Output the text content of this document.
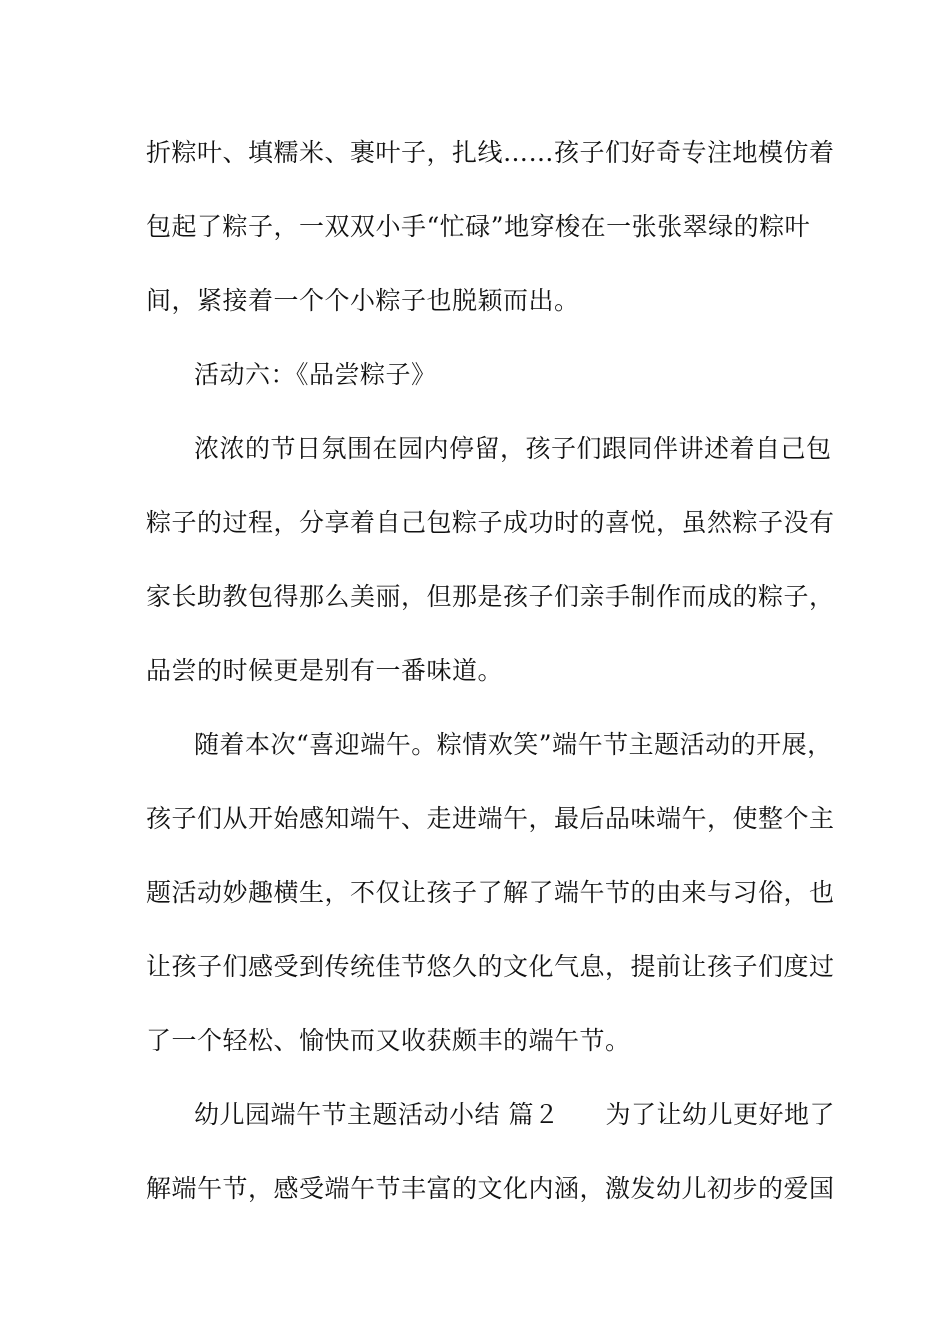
折粽叶、填糯米、裹叶子，扎线……孩子们好奇专注地模仿着
包起了粽子，一双双小手“忙碌”地穿梭在一张张翠绿的粽叶
间，紧接着一个个小粽子也脱颖而出。
活动六：《品尝粽子》
浓浓的节日氛围在园内停留，孩子们跟同伴讲述着自己包
粽子的过程，分享着自己包粽子成功时的喜悦，虽然粽子没有
家长助教包得那么美丽，但那是孩子们亲手制作而成的粽子，
品尝的时候更是别有一番味道。
随着本次“喜迎端午。粽情欢笑”端午节主题活动的开展，
孩子们从开始感知端午、走进端午，最后品味端午，使整个主
题活动妙趣横生，不仅让孩子了解了端午节的由来与习俗，也
让孩子们感受到传统佳节悠久的文化气息，提前让孩子们度过
了一个轻松、愉快而又收获颇丰的端午节。
幼儿园端午节主题活动小结 篇２ 为了让幼儿更好地了
解端午节，感受端午节丰富的文化内涵，激发幼儿初步的爱国
